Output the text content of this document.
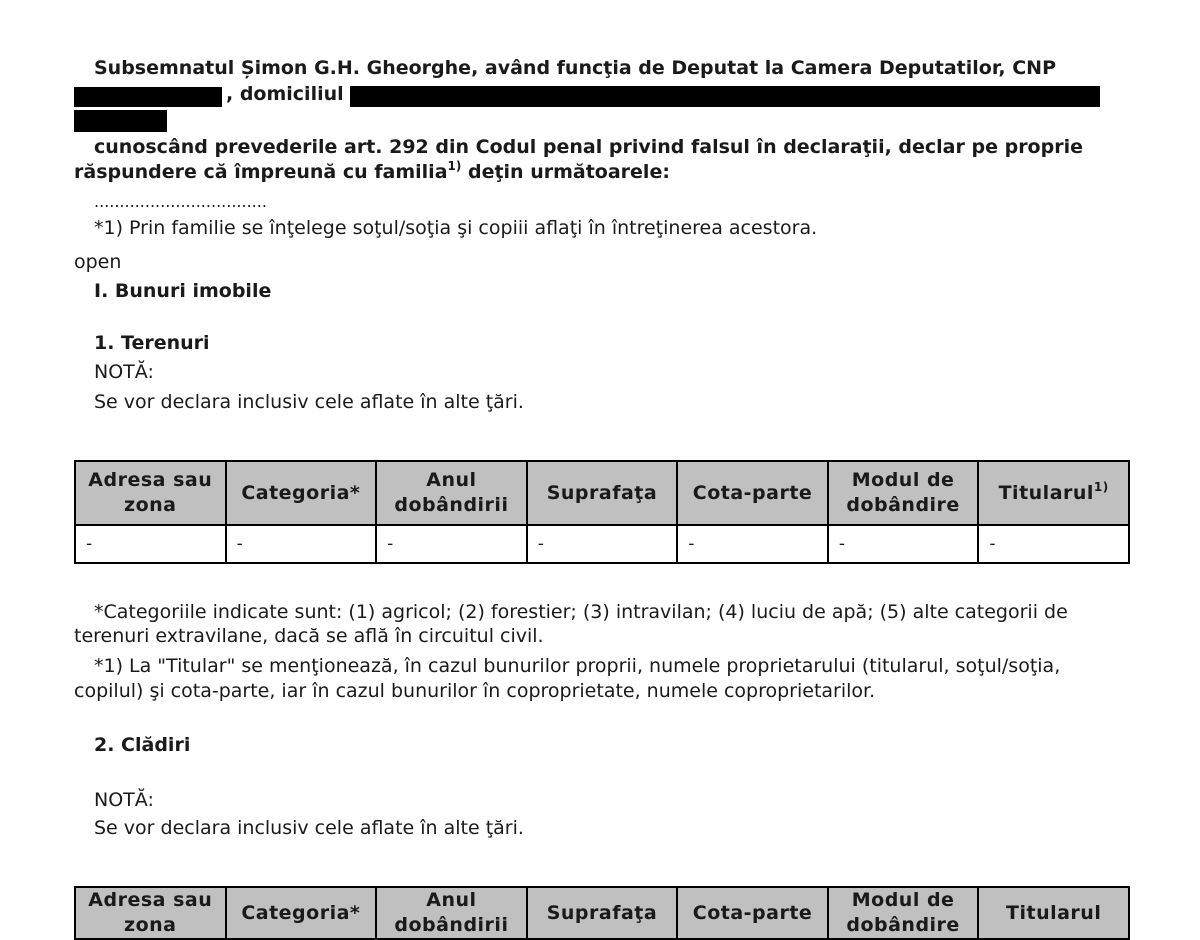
Subsemnatul Șimon G.H. Gheorghe, având funcţia de Deputat la Camera Deputatilor, CNP
, domiciliul
cunoscând prevederile art. 292 din Codul penal privind falsul în declaraţii, declar pe proprie
răspundere că împreună cu familia$^{1)}$ deţin următoarele:
..................................
*1) Prin familie se înţelege soţul/soţia şi copiii aflaţi în întreţinerea acestora.
open
I. Bunuri imobile
1. Terenuri
NOTĂ:
Se vor declara inclusiv cele aflate în alte ţări.
Adresa sau zona	Categoria*	Anul dobândirii	Suprafaţa	Cota-parte	Modul de dobândire	Titularul$^{1)}$
-	-	-	-	-	-	-
*Categoriile indicate sunt: (1) agricol; (2) forestier; (3) intravilan; (4) luciu de apă; (5) alte categorii de
terenuri extravilane, dacă se află în circuitul civil.
*1) La "Titular" se menţionează, în cazul bunurilor proprii, numele proprietarului (titularul, soţul/soţia,
copilul) şi cota-parte, iar în cazul bunurilor în coproprietate, numele coproprietarilor.
2. Clădiri
NOTĂ:
Se vor declara inclusiv cele aflate în alte ţări.
Adresa sau zona	Categoria*	Anul dobândirii	Suprafaţa	Cota-parte	Modul de dobândire	Titularul
